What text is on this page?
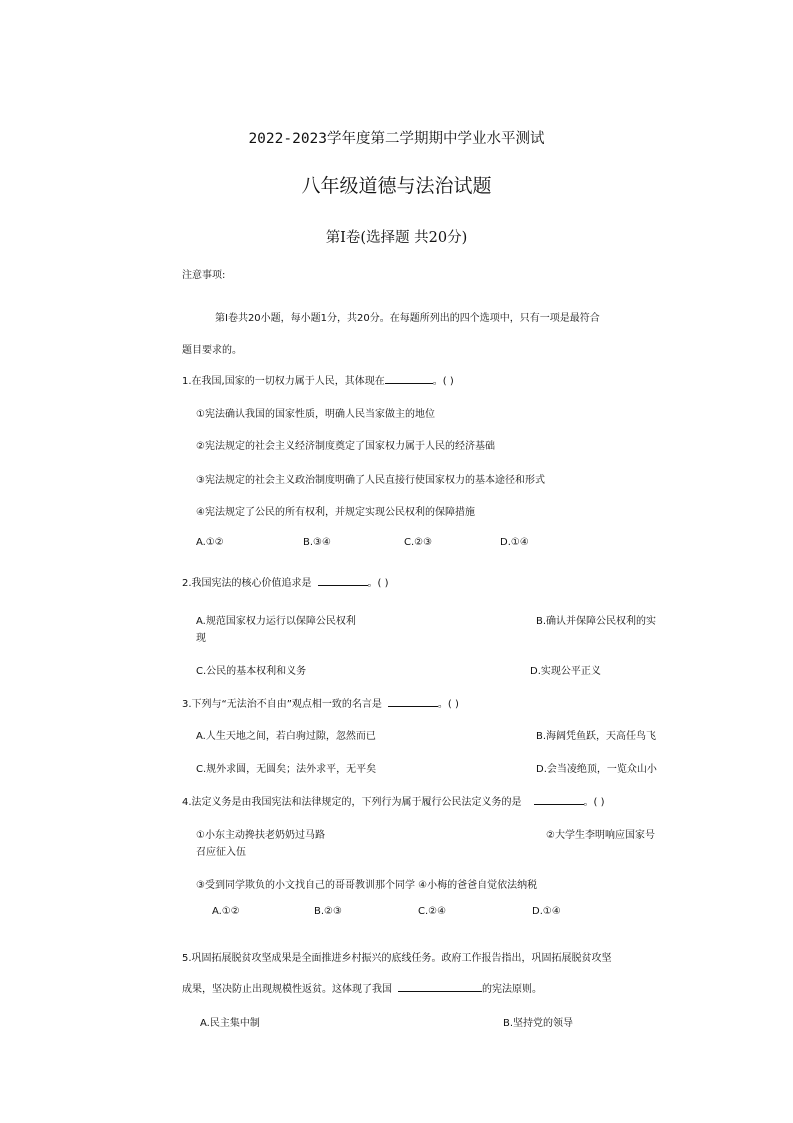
2022-2023学年度第二学期期中学业水平测试
八年级道德与法治试题
第Ⅰ卷(选择题 共20分)
注意事项:
第Ⅰ卷共20小题，每小题1分，共20分。在每题所列出的四个选项中，只有一项是最符合
题目要求的。
1.在我国,国家的一切权力属于人民，其体现在	。( )
①宪法确认我国的国家性质，明确人民当家做主的地位
②宪法规定的社会主义经济制度奠定了国家权力属于人民的经济基础
③宪法规定的社会主义政治制度明确了人民直接行使国家权力的基本途径和形式
④宪法规定了公民的所有权利，并规定实现公民权利的保障措施
A.①②	B.③④	C.②③	D.①④
2.我国宪法的核心价值追求是	。( )
A.规范国家权力运行以保障公民权利	B.确认并保障公民权利的实
现
C.公民的基本权利和义务	D.实现公平正义
3.下列与“无法治不自由”观点相一致的名言是	。( )
A.人生天地之间，若白驹过隙，忽然而已	B.海阔凭鱼跃，天高任鸟飞
C.规外求圆，无圆矣；法外求平，无平矣	D.会当凌绝顶，一览众山小
4.法定义务是由我国宪法和法律规定的，下列行为属于履行公民法定义务的是	。( )
①小东主动搀扶老奶奶过马路	②大学生李明响应国家号
召应征入伍
③受到同学欺负的小文找自己的哥哥教训那个同学 ④小梅的爸爸自觉依法纳税
A.①②	B.②③	C.②④	D.①④
5.巩固拓展脱贫攻坚成果是全面推进乡村振兴的底线任务。政府工作报告指出，巩固拓展脱贫攻坚
成果，坚决防止出现规模性返贫。这体现了我国	的宪法原则。
A.民主集中制	B.坚持党的领导
